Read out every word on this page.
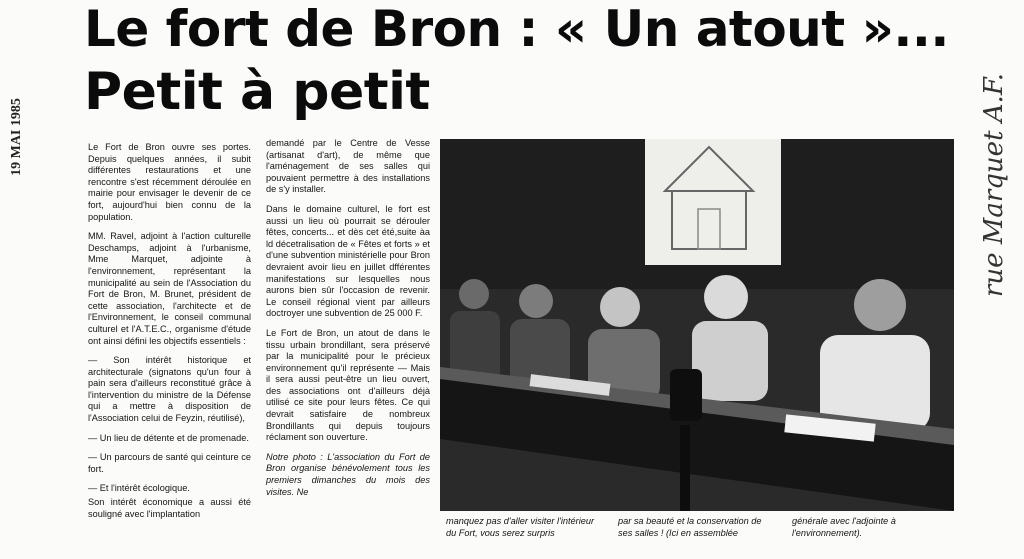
19 MAI 1985
Le fort de Bron : « Un atout »...
Petit à petit	rue Marquet A.F.

Le Fort de Bron ouvre ses portes. Depuis quelques années, il subit différentes restaurations et une rencontre s'est récemment déroulée en mairie pour envisager le devenir de ce fort, aujourd'hui bien connu de la population.

MM. Ravel, adjoint à l'action culturelle Deschamps, adjoint à l'urbanisme, Mme Marquet, adjointe à l'environnement, représentant la municipalité au sein de l'Association du Fort de Bron, M. Brunet, président de cette association, l'architecte et de l'Environnement, le conseil communal culturel et l'A.T.E.C., organisme d'étude ont ainsi défini les objectifs essentiels :

— Son intérêt historique et architecturale (signatons qu'un four à pain sera d'ailleurs reconstitué grâce à l'intervention du ministre de la Défense qui a mettre à disposition de l'Association celui de Feyzin, réutilisé),

— Un lieu de détente et de promenade.

— Un parcours de santé qui ceinture ce fort.

— Et l'intérêt écologique.

Son intérêt économique a aussi été souligné avec l'implantation

demandé par le Centre de Vesse (artisanat d'art), de même que l'aménagement de ses salles qui pouvaient permettre à des installations de s'y installer.

Dans le domaine culturel, le fort est aussi un lieu où pourrait se dérouler fêtes, concerts... et dès cet été,suite àa ld décetralisation de « Fêtes et forts » et d'une subvention ministérielle pour Bron devraient avoir lieu en juillet dfférentes manifestations sur lesquelles nous aurons bien sûr l'occasion de revenir. Le conseil régional vient par ailleurs doctroyer une subvention de 25 000 F.

Le Fort de Bron, un atout de dans le tissu urbain brondillant, sera préservé par la municipalité pour le précieux environnement qu'il représente — Mais il sera aussi peut-être un lieu ouvert, des associations ont d'ailleurs déjà utilisé ce site pour leurs fêtes. Ce qui devrait satisfaire de nombreux Brondillants qui depuis toujours réclament son ouverture.

Notre photo : L'association du Fort de Bron organise bénévolement tous les premiers dimanches du mois des visites. Ne

manquez pas d'aller visiter l'intérieur du Fort, vous serez surpris

par sa beauté et la conservation de ses salles ! (Ici en assemblée

générale avec l'adjointe à l'environnement).
